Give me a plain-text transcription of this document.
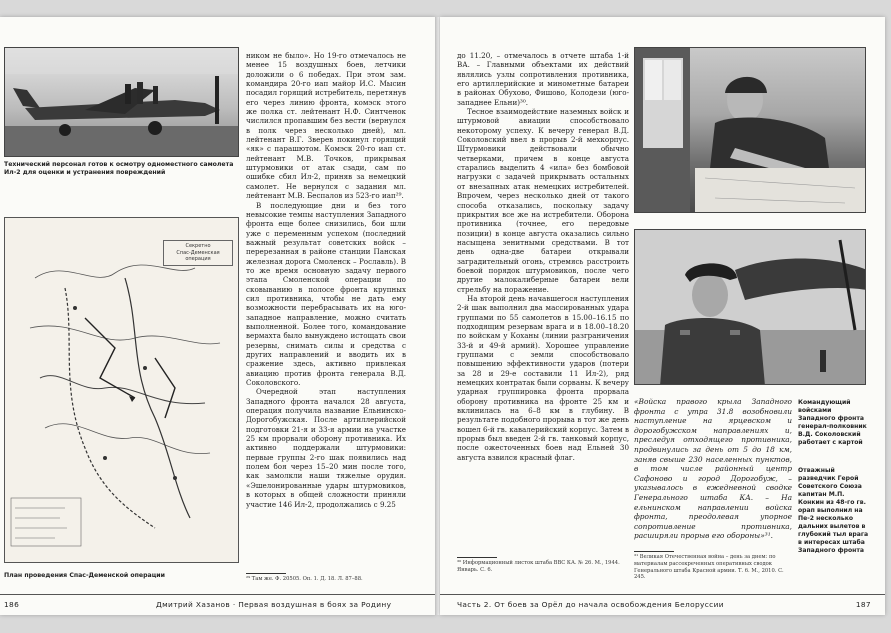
Технический персонал готов к осмотру одноместного самолета Ил-2 для оценки и устранения повреждений
Секретно
Спас-Деменская
операция
План проведения Спас-Деменской операции

ником не было». Но 19-го отмечалось не менее 15 воздушных боев, летчики доложили о 6 победах. При этом зам. командира 20-го иап майор И.С. Мысин посадил горящий истребитель, перетянув его через линию фронта, комэск этого же полка ст. лейтенант Н.Ф. Синтченок числился пропавшим без вести (вернулся в полк через несколько дней), мл. лейтенант В.Г. Зверев покинул горящий «як» с парашютом. Комэск 20-го иап ст. лейтенант М.В. Точков, прикрывая штурмовики от атак сзади, сам по ошибке сбил Ил-2, приняв за немецкий самолет. Не вернулся с задания мл. лейтенант М.В. Беспалов из 523-го иап²⁹.

В последующие дни и без того невысокие темпы наступления Западного фронта еще более снизились, бои шли уже с переменным успехом (последний важный результат советских войск – перерезанная в районе станции Панская железная дорога Смоленск – Рославль). В то же время основную задачу первого этапа Смоленской операции по сковыванию в полосе фронта крупных сил противника, чтобы не дать ему возможности перебрасывать их на юго-западное направление, можно считать выполненной. Более того, командование вермахта было вынуждено истощать свои резервы, снимать силы и средства с других направлений и вводить их в сражение здесь, активно привлекая авиацию против фронта генерала В.Д. Соколовского.

Очередной этап наступления Западного фронта начался 28 августа, операция получила название Ельнинско-Дорогобужская. После артиллерийской подготовки 21-я и 33-я армии на участке 25 км прорвали оборону противника. Их активно поддержали штурмовики: первые группы 2-го шак появились над полем боя через 15–20 мин после того, как замолкли наши тяжелые орудия. «Эшелонированные удары штурмовиков, в которых в общей сложности приняли участие 146 Ил-2, продолжались с 9.25

²⁹ Там же. Ф. 20505. Оп. 1. Д. 18. Л. 87–88.
186	Дмитрий Хазанов · Первая воздушная в боях за Родину

до 11.20, – отмечалось в отчете штаба 1-й ВА. – Главными объектами их действий являлись узлы сопротивления противника, его артиллерийские и минометные батареи в районах Обухово, Фишово, Колодези (юго-западнее Ельни)³⁰.

Тесное взаимодействие наземных войск и штурмовой авиации способствовало некоторому успеху. К вечеру генерал В.Д. Соколовский ввел в прорыв 2-й мехкорпус. Штурмовики действовали обычно четверками, причем в конце августа старались выделить 4 «ила» без бомбовой нагрузки с задачей прикрывать остальных от внезапных атак немецких истребителей. Впрочем, через несколько дней от такого способа отказались, поскольку задачу прикрытия все же на истребители. Оборона противника (точнее, его передовые позиции) в конце августа оказались сильно насыщена зенитными средствами. В тот день одна-две батареи открывали заградительный огонь, стремясь расстроить боевой порядок штурмовиков, после чего другие малокалиберные батареи вели стрельбу на поражение.

На второй день начавшегося наступления 2-й шак выполнил два массированных удара группами по 55 самолетов в 15.00–16.15 по подходящим резервам врага и в 18.00–18.20 по войскам у Коханы (линии разграничения 33-й и 49-й армий). Хорошее управление группами с земли способствовало повышению эффективности ударов (потери за 28 и 29-е составили 11 Ил-2), ряд немецких контратак были сорваны. К вечеру ударная группировка фронта прорвала оборону противника на фронте 25 км и вклинилась на 6–8 км в глубину. В результате подобного прорыва в тот же день вошел 6-й гв. кавалерийский корпус. Затем в прорыв был введен 2-й гв. танковый корпус, после ожесточенных боев над Ельней 30 августа взвился красный флаг.

³⁰ Информационный листок штаба ВВС КА. № 26. М., 1944. Январь. С. 6.
Командующий войсками Западного фронта генерал-полковник В.Д. Соколовский работает с картой
Отважный разведчик Герой Советского Союза капитан М.П. Конкин из 48-го гв. орап выполнил на Пе-2 несколько дальних вылетов в глубокий тыл врага в интересах штаба Западного фронта

«Войска правого крыла Западного фронта с утра 31.8 возобновили наступление на ярцевском и дорогобужском направлениях и, преследуя отходящего противника, продвинулись за день от 5 до 18 км, заняв свыше 230 населенных пунктов, в том числе районный центр Сафоново и город Дорогобуж, – указывалось в ежедневной сводке Генерального штаба КА. – На ельнинском направлении войска фронта, преодолевая упорное сопротивление противника, расширяли прорыв его обороны»³¹.

³¹ Великая Отечественная война – день за днем: по материалам рассекреченных оперативных сводок Генерального штаба Красной армии. Т. 6. М., 2010. С. 245.
Часть 2. От боев за Орёл до начала освобождения Белоруссии	187
